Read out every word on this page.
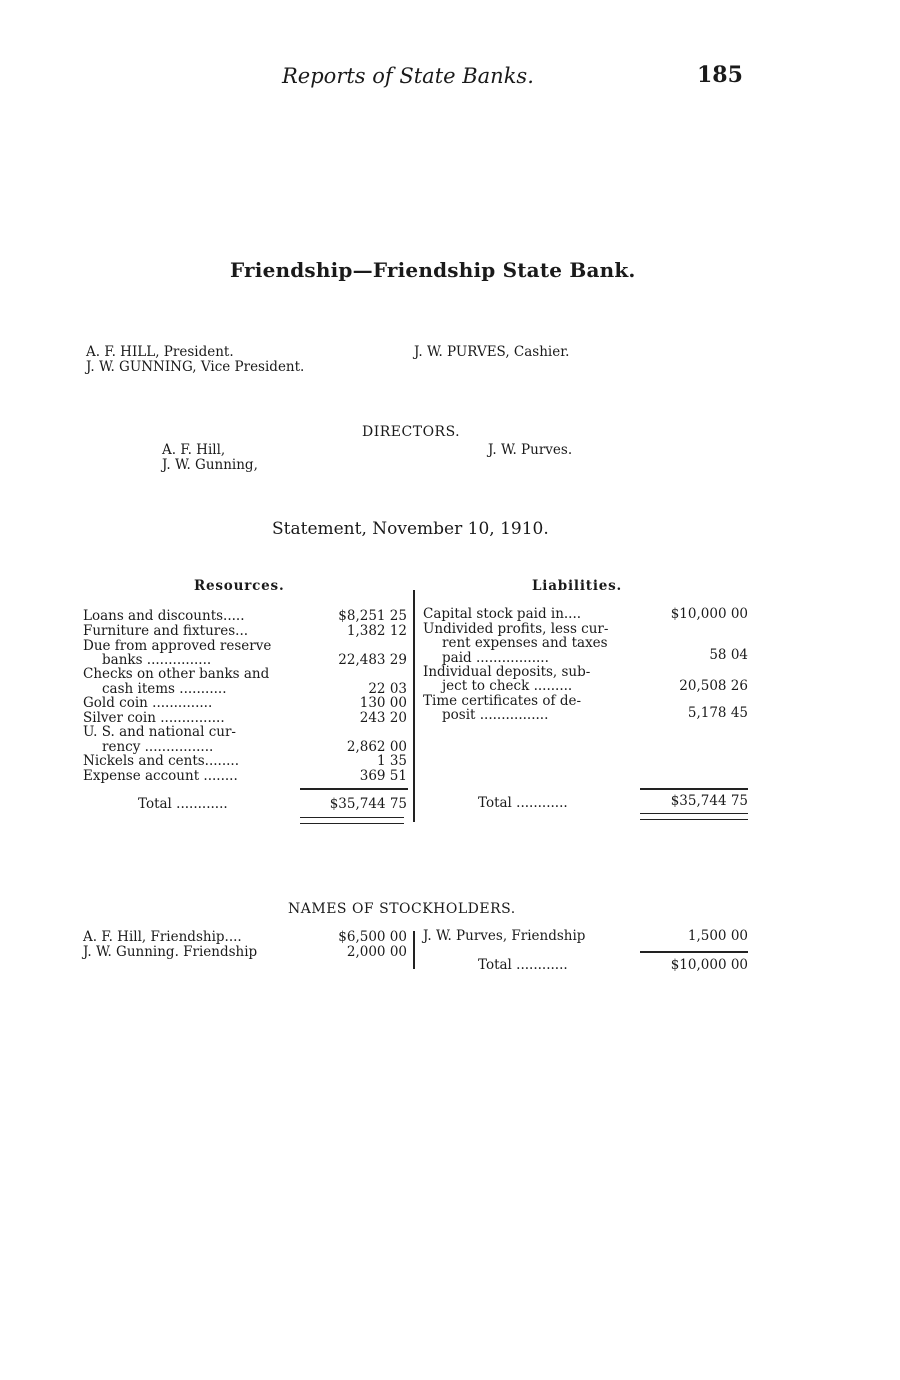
Reports of State Banks.	185
Friendship—Friendship State Bank.
A. F. HILL, President.
J. W. GUNNING, Vice President.
J. W. PURVES, Cashier.
DIRECTORS.
A. F. Hill,
J. W. Gunning,
J. W. Purves.
Statement, November 10, 1910.
Resources.	Liabilities.
Loans and discounts.....	$8,251 25
Furniture and fixtures...	1,382 12
Due from approved reserve
banks ...............	22,483 29
Checks on other banks and
cash items ...........	22 03
Gold coin ..............	130 00
Silver coin ...............	243 20
U. S. and national cur-
rency ................	2,862 00
Nickels and cents........	1 35
Expense account ........	369 51
Total ............	$35,744 75
Capital stock paid in....	$10,000 00
Undivided profits, less cur-
rent expenses and taxes
paid .................	58 04
Individual deposits, sub-
ject to check .........	20,508 26
Time certificates of de-
posit ................	5,178 45
Total ............	$35,744 75
NAMES OF STOCKHOLDERS.
A. F. Hill, Friendship....	$6,500 00
J. W. Gunning. Friendship	2,000 00
J. W. Purves, Friendship	1,500 00
Total ............	$10,000 00
